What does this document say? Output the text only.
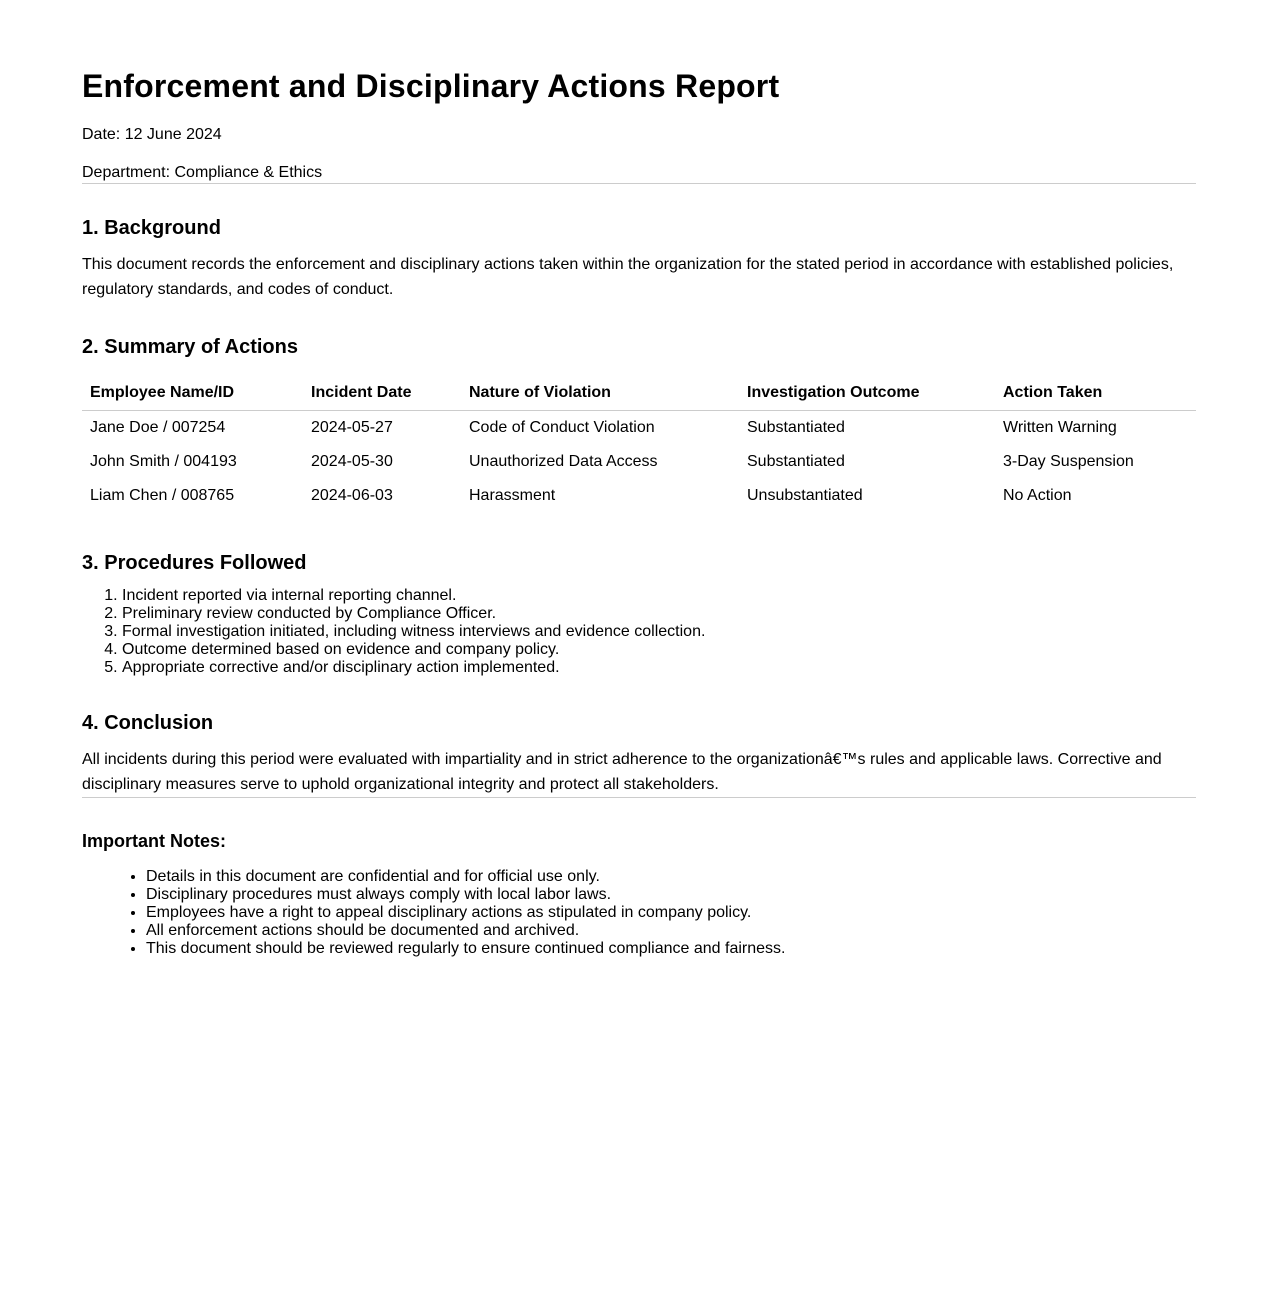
Enforcement and Disciplinary Actions Report

Date: 12 June 2024

Department: Compliance & Ethics

1. Background

This document records the enforcement and disciplinary actions taken within the organization for the stated period in accordance with established policies, regulatory standards, and codes of conduct.

2. Summary of Actions
Employee Name/ID	Incident Date	Nature of Violation	Investigation Outcome	Action Taken
Jane Doe / 007254	2024-05-27	Code of Conduct Violation	Substantiated	Written Warning
John Smith / 004193	2024-05-30	Unauthorized Data Access	Substantiated	3-Day Suspension
Liam Chen / 008765	2024-06-03	Harassment	Unsubstantiated	No Action
3. Procedures Followed
1. Incident reported via internal reporting channel.
2. Preliminary review conducted by Compliance Officer.
3. Formal investigation initiated, including witness interviews and evidence collection.
4. Outcome determined based on evidence and company policy.
5. Appropriate corrective and/or disciplinary action implemented.
4. Conclusion

All incidents during this period were evaluated with impartiality and in strict adherence to the organizationâ€™s rules and applicable laws. Corrective and disciplinary measures serve to uphold organizational integrity and protect all stakeholders.

Important Notes:
• Details in this document are confidential and for official use only.
• Disciplinary procedures must always comply with local labor laws.
• Employees have a right to appeal disciplinary actions as stipulated in company policy.
• All enforcement actions should be documented and archived.
• This document should be reviewed regularly to ensure continued compliance and fairness.
